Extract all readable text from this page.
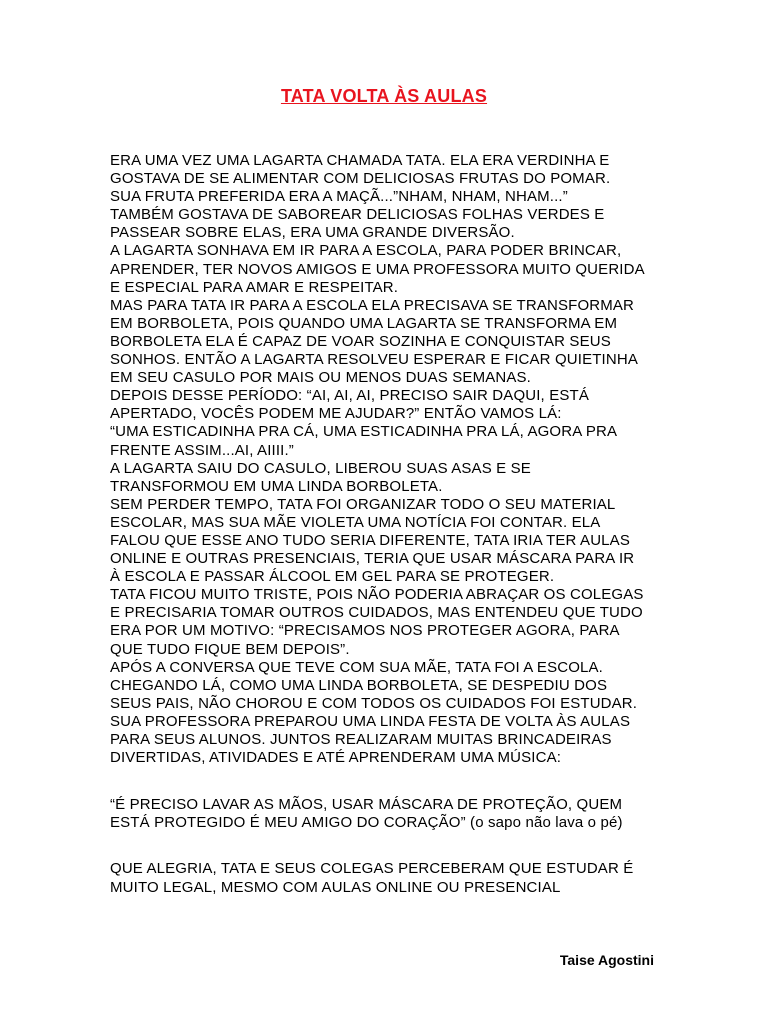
TATA VOLTA ÀS AULAS

ERA UMA VEZ UMA LAGARTA CHAMADA TATA. ELA ERA VERDINHA E
GOSTAVA DE SE ALIMENTAR COM DELICIOSAS FRUTAS DO POMAR.
SUA FRUTA PREFERIDA ERA A MAÇÃ...”NHAM, NHAM, NHAM...”
TAMBÉM GOSTAVA DE SABOREAR DELICIOSAS FOLHAS VERDES E
PASSEAR SOBRE ELAS, ERA UMA GRANDE DIVERSÃO.

A LAGARTA SONHAVA EM IR PARA A ESCOLA, PARA PODER BRINCAR,
APRENDER, TER NOVOS AMIGOS E UMA PROFESSORA MUITO QUERIDA
E ESPECIAL PARA AMAR E RESPEITAR.

MAS PARA TATA IR PARA A ESCOLA ELA PRECISAVA SE TRANSFORMAR
EM BORBOLETA, POIS QUANDO UMA LAGARTA SE TRANSFORMA EM
BORBOLETA ELA É CAPAZ DE VOAR SOZINHA E CONQUISTAR SEUS
SONHOS. ENTÃO A LAGARTA RESOLVEU ESPERAR E FICAR QUIETINHA
EM SEU CASULO POR MAIS OU MENOS DUAS SEMANAS.

DEPOIS DESSE PERÍODO: “AI, AI, AI, PRECISO SAIR DAQUI, ESTÁ
APERTADO, VOCÊS PODEM ME AJUDAR?” ENTÃO VAMOS LÁ:

“UMA ESTICADINHA PRA CÁ, UMA ESTICADINHA PRA LÁ, AGORA PRA
FRENTE ASSIM...AI, AIIII.”

A LAGARTA SAIU DO CASULO, LIBEROU SUAS ASAS E SE
TRANSFORMOU EM UMA LINDA BORBOLETA.

SEM PERDER TEMPO, TATA FOI ORGANIZAR TODO O SEU MATERIAL
ESCOLAR, MAS SUA MÃE VIOLETA UMA NOTÍCIA FOI CONTAR. ELA
FALOU QUE ESSE ANO TUDO SERIA DIFERENTE, TATA IRIA TER AULAS
ONLINE E OUTRAS PRESENCIAIS, TERIA QUE USAR MÁSCARA PARA IR
À ESCOLA E PASSAR ÁLCOOL EM GEL PARA SE PROTEGER.

TATA FICOU MUITO TRISTE, POIS NÃO PODERIA ABRAÇAR OS COLEGAS
E PRECISARIA TOMAR OUTROS CUIDADOS, MAS ENTENDEU QUE TUDO
ERA POR UM MOTIVO: “PRECISAMOS NOS PROTEGER AGORA, PARA
QUE TUDO FIQUE BEM DEPOIS”.

APÓS A CONVERSA QUE TEVE COM SUA MÃE, TATA FOI A ESCOLA.
CHEGANDO LÁ, COMO UMA LINDA BORBOLETA, SE DESPEDIU DOS
SEUS PAIS, NÃO CHOROU E COM TODOS OS CUIDADOS FOI ESTUDAR.

SUA PROFESSORA PREPAROU UMA LINDA FESTA DE VOLTA ÀS AULAS
PARA SEUS ALUNOS. JUNTOS REALIZARAM MUITAS BRINCADEIRAS
DIVERTIDAS, ATIVIDADES E ATÉ APRENDERAM UMA MÚSICA:

“É PRECISO LAVAR AS MÃOS, USAR MÁSCARA DE PROTEÇÃO, QUEM
ESTÁ PROTEGIDO É MEU AMIGO DO CORAÇÃO” (o sapo não lava o pé)

QUE ALEGRIA, TATA E SEUS COLEGAS PERCEBERAM QUE ESTUDAR É
MUITO LEGAL, MESMO COM AULAS ONLINE OU PRESENCIAL

Taise Agostini
